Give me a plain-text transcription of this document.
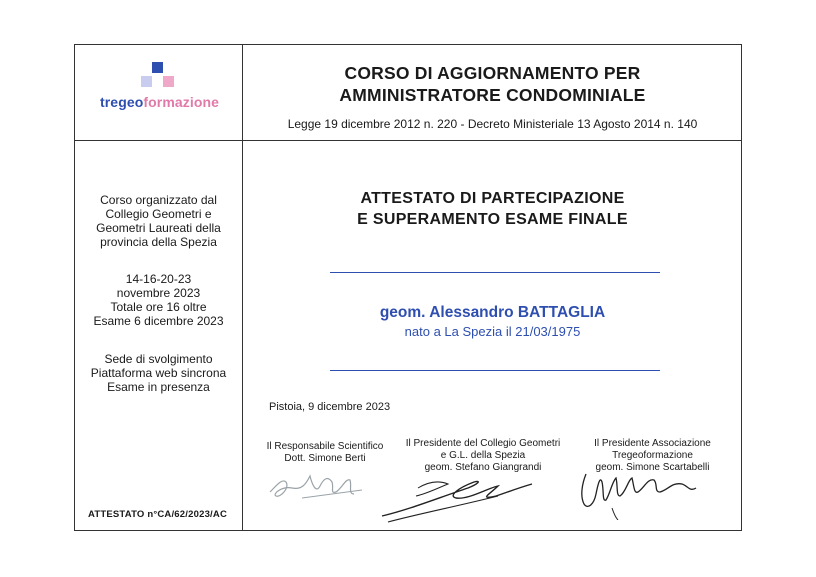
tregeoformazione
CORSO DI AGGIORNAMENTO PER
AMMINISTRATORE CONDOMINIALE
Legge 19 dicembre 2012 n. 220 - Decreto Ministeriale 13 Agosto 2014 n. 140
Corso organizzato dal
Collegio Geometri e
Geometri Laureati della
provincia della Spezia
14-16-20-23
novembre 2023
Totale ore 16 oltre
Esame 6 dicembre 2023
Sede di svolgimento
Piattaforma web sincrona
Esame in presenza
ATTESTATO n°CA/62/2023/AC
ATTESTATO DI PARTECIPAZIONE
E SUPERAMENTO ESAME FINALE
geom. Alessandro BATTAGLIA
nato a La Spezia il 21/03/1975
Pistoia, 9 dicembre 2023
Il Responsabile Scientifico
Dott. Simone Berti
Il Presidente del Collegio Geometri
e G.L. della Spezia
geom. Stefano Giangrandi
Il Presidente Associazione
Tregeoformazione
geom. Simone Scartabelli
